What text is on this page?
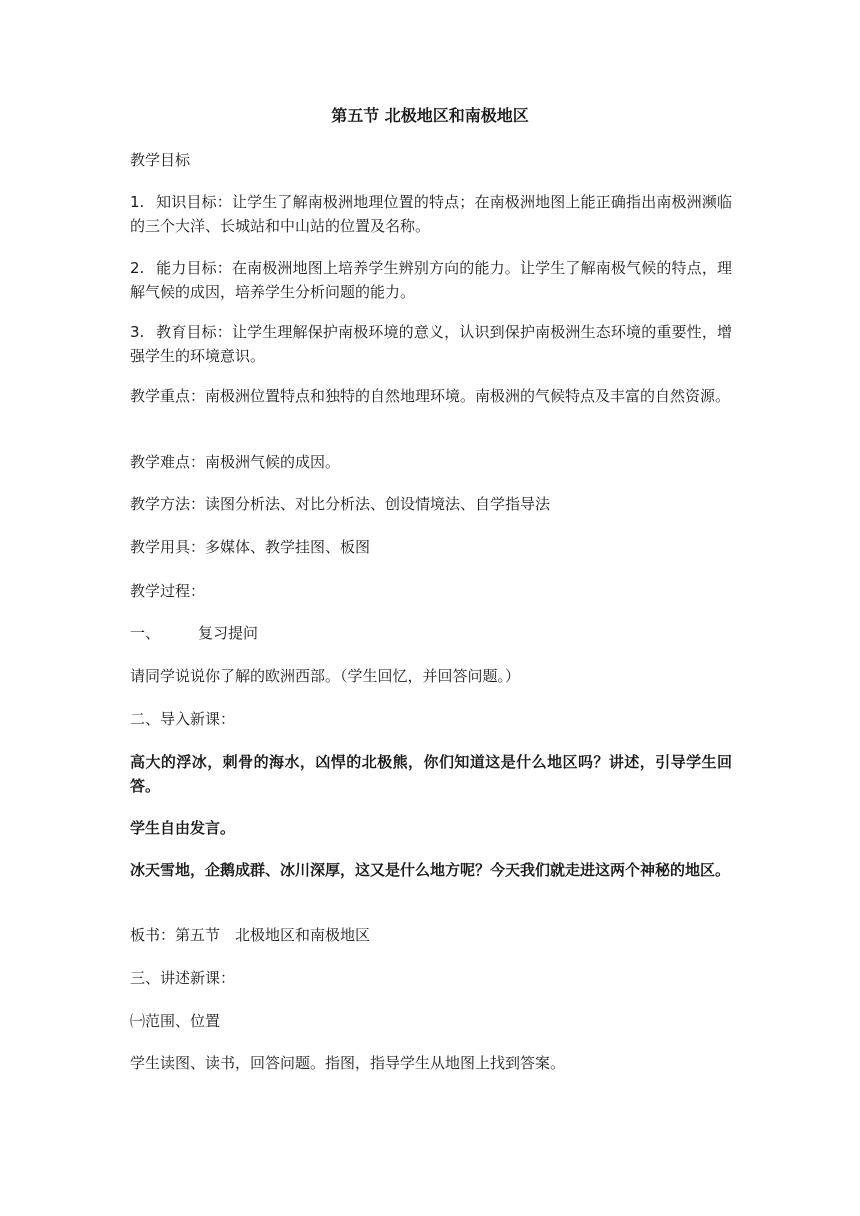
第五节 北极地区和南极地区
教学目标
1. 知识目标：让学生了解南极洲地理位置的特点；在南极洲地图上能正确指出南极洲濒临的三个大洋、长城站和中山站的位置及名称。
2. 能力目标：在南极洲地图上培养学生辨别方向的能力。让学生了解南极气候的特点，理解气候的成因，培养学生分析问题的能力。
3. 教育目标：让学生理解保护南极环境的意义，认识到保护南极洲生态环境的重要性，增强学生的环境意识。
教学重点：南极洲位置特点和独特的自然地理环境。南极洲的气候特点及丰富的自然资源。
教学难点：南极洲气候的成因。
教学方法：读图分析法、对比分析法、创设情境法、自学指导法
教学用具：多媒体、教学挂图、板图
教学过程：
一、	复习提问
请同学说说你了解的欧洲西部。（学生回忆，并回答问题。）
二、导入新课：
高大的浮冰，刺骨的海水，凶悍的北极熊，你们知道这是什么地区吗？讲述，引导学生回答。
学生自由发言。
冰天雪地，企鹅成群、冰川深厚，这又是什么地方呢？今天我们就走进这两个神秘的地区。
板书：第五节　北极地区和南极地区
三、讲述新课：
㈠范围、位置
学生读图、读书，回答问题。指图，指导学生从地图上找到答案。
